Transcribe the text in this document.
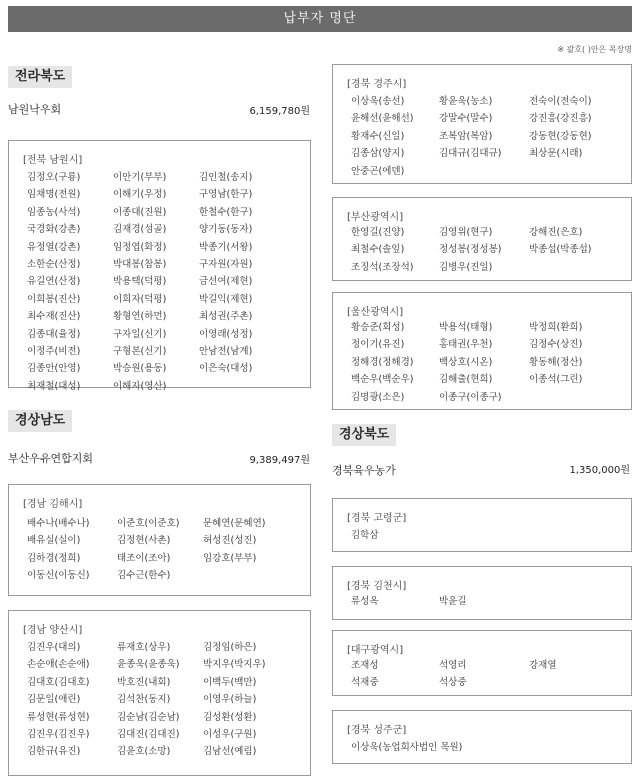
납부자 명단
※ 괄호( )안은 목장명
전라북도
남원낙우회	6,159,780원
[전북 남원시]
김정오(구룡)	이안기(부부)	김인철(송지)
임채명(전원)	이해기(우정)	구영남(한구)
임종농(사석)	이종대(진원)	한철수(한구)
국경화(강촌)	김재경(섬골)	양기동(동자)
유정열(강촌)	임정엽(화정)	박종기(서왕)
소한순(산정)	박대봉(참봉)	구자원(자원)
유길연(산정)	박용택(덕평)	금선여(제현)
이희봉(진산)	이희자(덕평)	박길익(제현)
최수재(진산)	황형연(하먼)	최성권(주촌)
김종대(율정)	구자일(신기)	이영래(성정)
이정주(비전)	구형본(신기)	안남전(남계)
김종안(안영)	박승원(용동)	이은숙(대성)
최재철(대성)	이해자(영산)
경상남도
부산우유연합지회	9,389,497원
[경남 김해시]
배수나(배수나)	이준호(이준호)	문혜연(문혜연)
배유실(실이)	김정현(사촌)	허성진(성진)
김하경(정희)	태조이(조아)	임강호(부부)
이동신(이동신)	김수근(한수)
[경남 양산시]
김진우(대의)	류재호(상우)	김정임(하은)
손순애(손순애)	윤종욱(윤종욱)	박지우(박지우)
김대호(김대호)	박호진(내회)	이백두(백만)
김문일(애린)	김석찬(동지)	이영우(하늘)
류성현(류성현)	김순남(김순남)	김성환(성환)
김진우(김진우)	김대진(김대진)	이성우(구원)
김한규(유진)	김윤호(소망)	김남선(예림)
[경북 경주시]
이상욱(송선)	황윤욱(농소)	전숙이(전숙이)
윤해선(윤해선)	강말수(말수)	강진흥(강진흥)
황재수(신일)	조복암(복암)	강동현(강동현)
김종삼(양지)	김대규(김대규)	최상문(시래)
안중곤(에덴)
[부산광역시]
한영길(진양)	김영위(현구)	강해진(은호)
최철수(솔잎)	정성봉(정성봉)	박종섭(박종섭)
조징석(조장석)	김병우(진일)
[울산광역시]
황승준(회성)	박용석(태형)	박정희(환희)
정이기(유진)	홍태권(우천)	김정수(상진)
정해경(정해경)	백상호(시온)	황동해(정산)
백순우(백순우)	김해출(현희)	이종석(그린)
김명광(소은)	이종구(이종구)
경상북도
경북육우농가	1,350,000원
[경북 고령군]
김학삼
[경북 김천시]
류성옥	박윤길
[대구광역시]
조재성	석영리	강재열
석재중	석상중
[경북 성주군]
이상욱(농업회사법인 목원)
